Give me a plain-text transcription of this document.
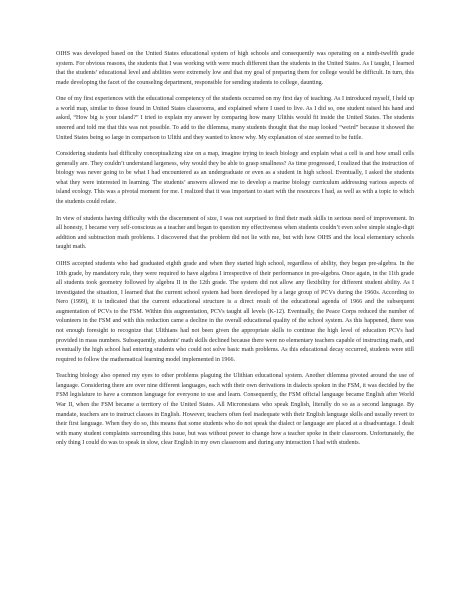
OIHS was developed based on the United States educational system of high schools and consequently was operating on a ninth-twelfth grade system. For obvious reasons, the students that I was working with were much different than the students in the United States. As I taught, I learned that the students’ educational level and abilities were extremely low and that my goal of preparing them for college would be difficult. In turn, this made developing the facet of the counseling department, responsible for sending students to college, daunting.

One of my first experiences with the educational competency of the students occurred on my first day of teaching. As I introduced myself, I held up a world map, similar to those found in United States classrooms, and explained where I used to live. As I did so, one student raised his hand and asked, “How big is your island?” I tried to explain my answer by comparing how many Ulithis would fit inside the United States. The students sneered and told me that this was not possible. To add to the dilemma, many students thought that the map looked “weird” because it showed the United States being so large in comparison to Ulithi and they wanted to know why. My explanation of size seemed to be futile.

Considering students had difficulty conceptualizing size on a map, imagine trying to teach biology and explain what a cell is and how small cells generally are. They couldn’t understand largeness, why would they be able to grasp smallness? As time progressed, I realized that the instruction of biology was never going to be what I had encountered as an undergraduate or even as a student in high school. Eventually, I asked the students what they were interested in learning. The students’ answers allowed me to develop a marine biology curriculum addressing various aspects of island ecology. This was a pivotal moment for me. I realized that it was important to start with the resources I had, as well as with a topic to which the students could relate.

In view of students having difficulty with the discernment of size, I was not surprised to find their math skills in serious need of improvement. In all honesty, I became very self-conscious as a teacher and began to question my effectiveness when students couldn’t even solve simple single-digit addition and subtraction math problems. I discovered that the problem did not lie with me, but with how OIHS and the local elementary schools taught math.

OIHS accepted students who had graduated eighth grade and when they started high school, regardless of ability, they began pre-algebra. In the 10th grade, by mandatory rule, they were required to have algebra I irrespective of their performance in pre-algebra. Once again, in the 11th grade all students took geometry followed by algebra II in the 12th grade. The system did not allow any flexibility for different student ability. As I investigated the situation, I learned that the current school system had been developed by a large group of PCVs during the 1960s. According to Nero (1999), it is indicated that the current educational structure is a direct result of the educational agenda of 1966 and the subsequent augmentation of PCVs to the FSM. Within this augmentation, PCVs taught all levels (K-12). Eventually, the Peace Corps reduced the number of volunteers in the FSM and with this reduction came a decline in the overall educational quality of the school system. As this happened, there was not enough foresight to recognize that Ulithians had not been given the appropriate skills to continue the high level of education PCVs had provided in mass numbers. Subsequently, students’ math skills declined because there were no elementary teachers capable of instructing math, and eventually the high school had entering students who could not solve basic math problems. As this educational decay occurred, students were still required to follow the mathematical learning model implemented in 1966.

Teaching biology also opened my eyes to other problems plaguing the Ulithian educational system. Another dilemma pivoted around the use of language. Considering there are over nine different languages, each with their own derivations in dialects spoken in the FSM, it was decided by the FSM legislature to have a common language for everyone to use and learn. Consequently, the FSM official language became English after World War II, when the FSM became a territory of the United States. All Micronesians who speak English, literally do so as a second language. By mandate, teachers are to instruct classes in English. However, teachers often feel inadequate with their English language skills and usually revert to their first language. When they do so, this means that some students who do not speak the dialect or language are placed at a disadvantage. I dealt with many student complaints surrounding this issue, but was without power to change how a teacher spoke in their classroom. Unfortunately, the only thing I could do was to speak in slow, clear English in my own classroom and during any interaction I had with students.
